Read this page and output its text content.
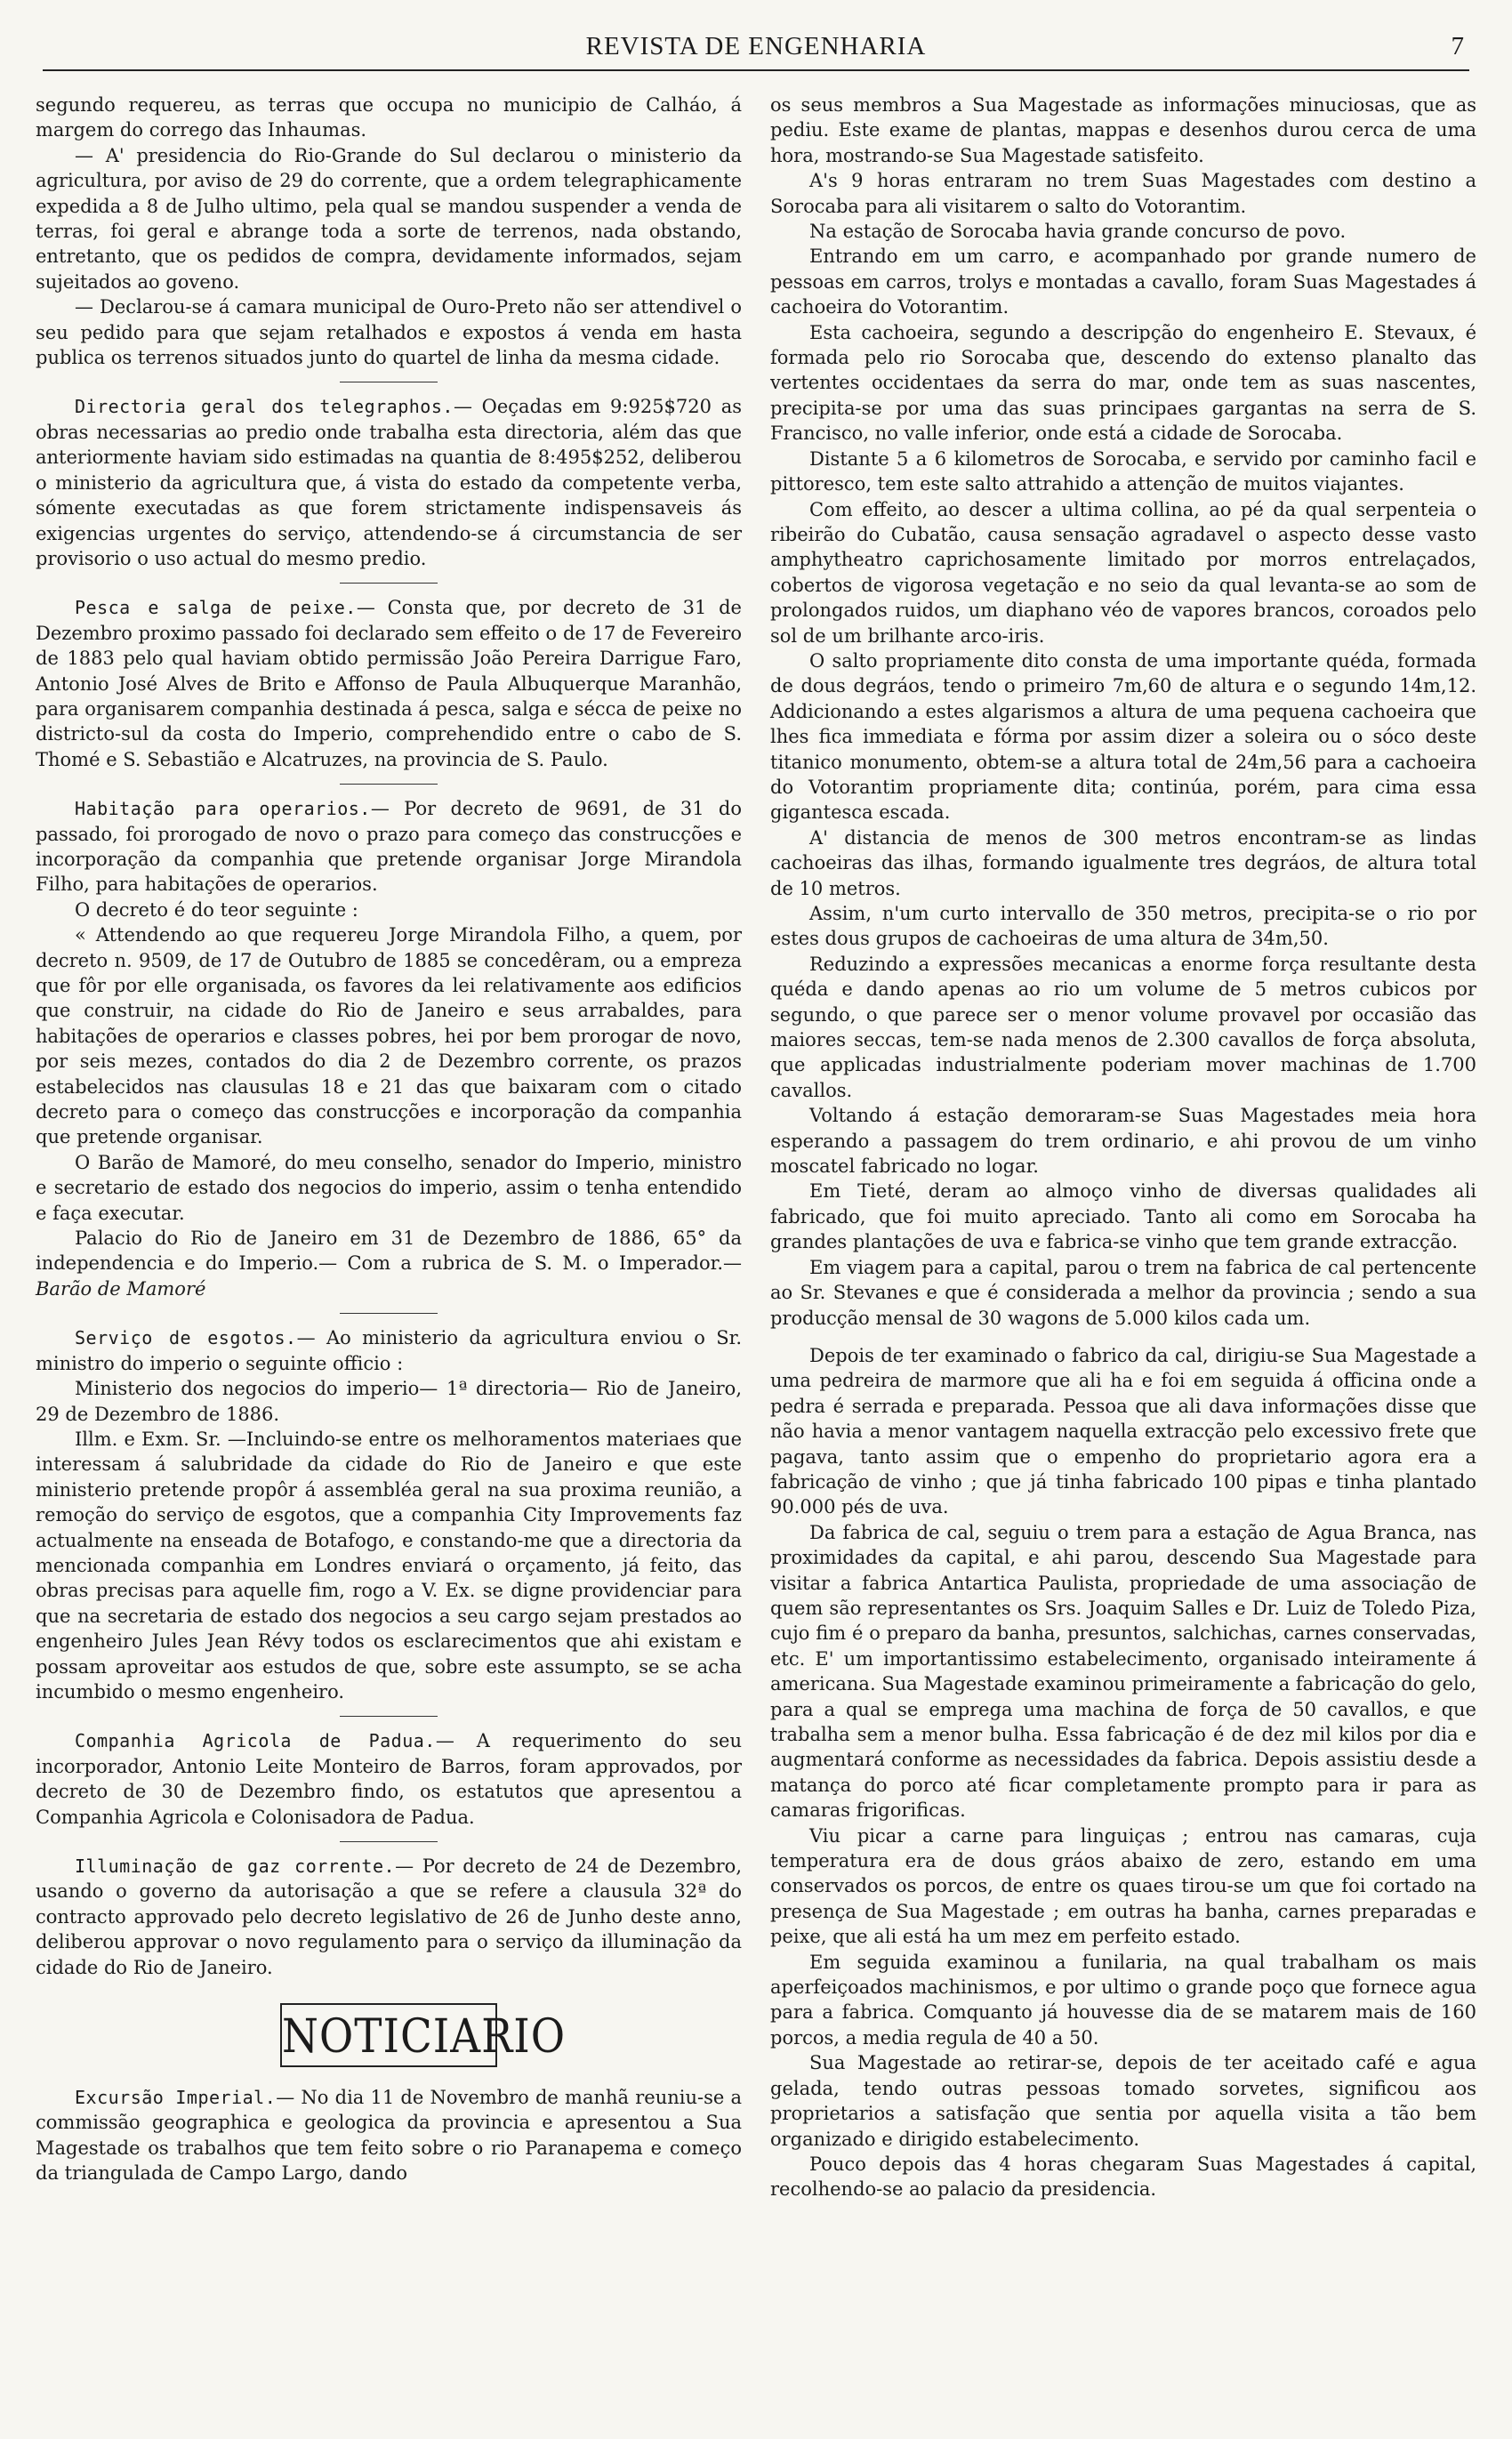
REVISTA DE ENGENHARIA	7

segundo requereu, as terras que occupa no municipio de Calháo, á margem do corrego das Inhaumas.

— A' presidencia do Rio-Grande do Sul declarou o ministerio da agricultura, por aviso de 29 do corrente, que a ordem telegraphicamente expedida a 8 de Julho ultimo, pela qual se mandou suspender a venda de terras, foi geral e abrange toda a sorte de terrenos, nada obstando, entretanto, que os pedidos de compra, devidamente informados, sejam sujeitados ao goveno.

— Declarou-se á camara municipal de Ouro-Preto não ser attendivel o seu pedido para que sejam retalhados e expostos á venda em hasta publica os terrenos situados junto do quartel de linha da mesma cidade.

Directoria geral dos telegraphos.— Oeçadas em 9:925$720 as obras necessarias ao predio onde trabalha esta directoria, além das que anteriormente haviam sido estimadas na quantia de 8:495$252, deliberou o ministerio da agricultura que, á vista do estado da competente verba, sómente executadas as que forem strictamente indispensaveis ás exigencias urgentes do serviço, attendendo-se á circumstancia de ser provisorio o uso actual do mesmo predio.

Pesca e salga de peixe.— Consta que, por decreto de 31 de Dezembro proximo passado foi declarado sem effeito o de 17 de Fevereiro de 1883 pelo qual haviam obtido permissão João Pereira Darrigue Faro, Antonio José Alves de Brito e Affonso de Paula Albuquerque Maranhão, para organisarem companhia destinada á pesca, salga e sécca de peixe no districto-sul da costa do Imperio, comprehendido entre o cabo de S. Thomé e S. Sebastião e Alcatruzes, na provincia de S. Paulo.

Habitação para operarios.— Por decreto de 9691, de 31 do passado, foi prorogado de novo o prazo para começo das construcções e incorporação da companhia que pretende organisar Jorge Mirandola Filho, para habitações de operarios.

O decreto é do teor seguinte :

« Attendendo ao que requereu Jorge Mirandola Filho, a quem, por decreto n. 9509, de 17 de Outubro de 1885 se concedêram, ou a empreza que fôr por elle organisada, os favores da lei relativamente aos edificios que construir, na cidade do Rio de Janeiro e seus arrabaldes, para habitações de operarios e classes pobres, hei por bem prorogar de novo, por seis mezes, contados do dia 2 de Dezembro corrente, os prazos estabelecidos nas clausulas 18 e 21 das que baixaram com o citado decreto para o começo das construcções e incorporação da companhia que pretende organisar.

O Barão de Mamoré, do meu conselho, senador do Imperio, ministro e secretario de estado dos negocios do imperio, assim o tenha entendido e faça executar.

Palacio do Rio de Janeiro em 31 de Dezembro de 1886, 65° da independencia e do Imperio.— Com a rubrica de S. M. o Imperador.— Barão de Mamoré

Serviço de esgotos.— Ao ministerio da agricultura enviou o Sr. ministro do imperio o seguinte officio :

Ministerio dos negocios do imperio— 1ª directoria— Rio de Janeiro, 29 de Dezembro de 1886.

Illm. e Exm. Sr. —Incluindo-se entre os melhoramentos materiaes que interessam á salubridade da cidade do Rio de Janeiro e que este ministerio pretende propôr á assembléa geral na sua proxima reunião, a remoção do serviço de esgotos, que a companhia City Improvements faz actualmente na enseada de Botafogo, e constando-me que a directoria da mencionada companhia em Londres enviará o orçamento, já feito, das obras precisas para aquelle fim, rogo a V. Ex. se digne providenciar para que na secretaria de estado dos negocios a seu cargo sejam prestados ao engenheiro Jules Jean Révy todos os esclarecimentos que ahi existam e possam aproveitar aos estudos de que, sobre este assumpto, se se acha incumbido o mesmo engenheiro.

Companhia Agricola de Padua.— A requerimento do seu incorporador, Antonio Leite Monteiro de Barros, foram approvados, por decreto de 30 de Dezembro findo, os estatutos que apresentou a Companhia Agricola e Colonisadora de Padua.

Illuminação de gaz corrente.— Por decreto de 24 de Dezembro, usando o governo da autorisação a que se refere a clausula 32ª do contracto approvado pelo decreto legislativo de 26 de Junho deste anno, deliberou approvar o novo regulamento para o serviço da illuminação da cidade do Rio de Janeiro.

NOTICIARIO

Excursão Imperial.— No dia 11 de Novembro de manhã reuniu-se a commissão geographica e geologica da provincia e apresentou a Sua Magestade os trabalhos que tem feito sobre o rio Paranapema e começo da triangulada de Campo Largo, dando

os seus membros a Sua Magestade as informações minuciosas, que as pediu. Este exame de plantas, mappas e desenhos durou cerca de uma hora, mostrando-se Sua Magestade satisfeito.

A's 9 horas entraram no trem Suas Magestades com destino a Sorocaba para ali visitarem o salto do Votorantim.

Na estação de Sorocaba havia grande concurso de povo.

Entrando em um carro, e acompanhado por grande numero de pessoas em carros, trolys e montadas a cavallo, foram Suas Magestades á cachoeira do Votorantim.

Esta cachoeira, segundo a descripção do engenheiro E. Stevaux, é formada pelo rio Sorocaba que, descendo do extenso planalto das vertentes occidentaes da serra do mar, onde tem as suas nascentes, precipita-se por uma das suas principaes gargantas na serra de S. Francisco, no valle inferior, onde está a cidade de Sorocaba.

Distante 5 a 6 kilometros de Sorocaba, e servido por caminho facil e pittoresco, tem este salto attrahido a attenção de muitos viajantes.

Com effeito, ao descer a ultima collina, ao pé da qual serpenteia o ribeirão do Cubatão, causa sensação agradavel o aspecto desse vasto amphytheatro caprichosamente limitado por morros entrelaçados, cobertos de vigorosa vegetação e no seio da qual levanta-se ao som de prolongados ruidos, um diaphano véo de vapores brancos, coroados pelo sol de um brilhante arco-iris.

O salto propriamente dito consta de uma importante quéda, formada de dous degráos, tendo o primeiro 7m,60 de altura e o segundo 14m,12. Addicionando a estes algarismos a altura de uma pequena cachoeira que lhes fica immediata e fórma por assim dizer a soleira ou o sóco deste titanico monumento, obtem-se a altura total de 24m,56 para a cachoeira do Votorantim propriamente dita; continúa, porém, para cima essa gigantesca escada.

A' distancia de menos de 300 metros encontram-se as lindas cachoeiras das ilhas, formando igualmente tres degráos, de altura total de 10 metros.

Assim, n'um curto intervallo de 350 metros, precipita-se o rio por estes dous grupos de cachoeiras de uma altura de 34m,50.

Reduzindo a expressões mecanicas a enorme força resultante desta quéda e dando apenas ao rio um volume de 5 metros cubicos por segundo, o que parece ser o menor volume provavel por occasião das maiores seccas, tem-se nada menos de 2.300 cavallos de força absoluta, que applicadas industrialmente poderiam mover machinas de 1.700 cavallos.

Voltando á estação demoraram-se Suas Magestades meia hora esperando a passagem do trem ordinario, e ahi provou de um vinho moscatel fabricado no logar.

Em Tieté, deram ao almoço vinho de diversas qualidades ali fabricado, que foi muito apreciado. Tanto ali como em Sorocaba ha grandes plantações de uva e fabrica-se vinho que tem grande extracção.

Em viagem para a capital, parou o trem na fabrica de cal pertencente ao Sr. Stevanes e que é considerada a melhor da provincia ; sendo a sua producção mensal de 30 wagons de 5.000 kilos cada um.

Depois de ter examinado o fabrico da cal, dirigiu-se Sua Magestade a uma pedreira de marmore que ali ha e foi em seguida á officina onde a pedra é serrada e preparada. Pessoa que ali dava informações disse que não havia a menor vantagem naquella extracção pelo excessivo frete que pagava, tanto assim que o empenho do proprietario agora era a fabricação de vinho ; que já tinha fabricado 100 pipas e tinha plantado 90.000 pés de uva.

Da fabrica de cal, seguiu o trem para a estação de Agua Branca, nas proximidades da capital, e ahi parou, descendo Sua Magestade para visitar a fabrica Antartica Paulista, propriedade de uma associação de quem são representantes os Srs. Joaquim Salles e Dr. Luiz de Toledo Piza, cujo fim é o preparo da banha, presuntos, salchichas, carnes conservadas, etc. E' um importantissimo estabelecimento, organisado inteiramente á americana. Sua Magestade examinou primeiramente a fabricação do gelo, para a qual se emprega uma machina de força de 50 cavallos, e que trabalha sem a menor bulha. Essa fabricação é de dez mil kilos por dia e augmentará conforme as necessidades da fabrica. Depois assistiu desde a matança do porco até ficar completamente prompto para ir para as camaras frigorificas.

Viu picar a carne para linguiças ; entrou nas camaras, cuja temperatura era de dous gráos abaixo de zero, estando em uma conservados os porcos, de entre os quaes tirou-se um que foi cortado na presença de Sua Magestade ; em outras ha banha, carnes preparadas e peixe, que ali está ha um mez em perfeito estado.

Em seguida examinou a funilaria, na qual trabalham os mais aperfeiçoados machinismos, e por ultimo o grande poço que fornece agua para a fabrica. Comquanto já houvesse dia de se matarem mais de 160 porcos, a media regula de 40 a 50.

Sua Magestade ao retirar-se, depois de ter aceitado café e agua gelada, tendo outras pessoas tomado sorvetes, significou aos proprietarios a satisfação que sentia por aquella visita a tão bem organizado e dirigido estabelecimento.

Pouco depois das 4 horas chegaram Suas Magestades á capital, recolhendo-se ao palacio da presidencia.
